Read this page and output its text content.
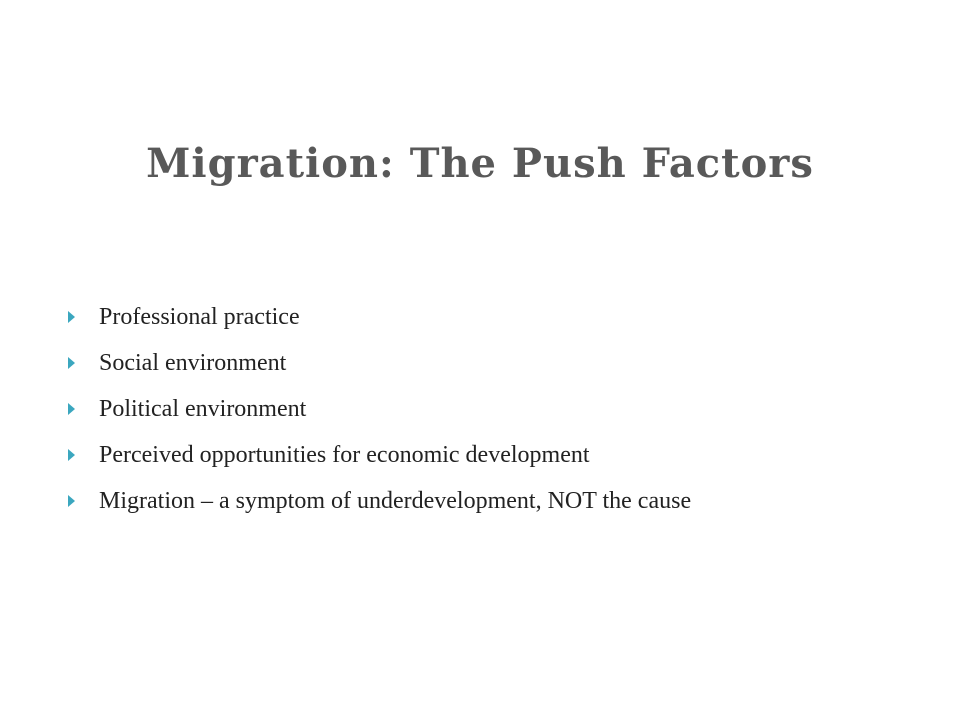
Migration: The Push Factors
Professional practice
Social environment
Political environment
Perceived opportunities for economic development
Migration – a symptom of underdevelopment, NOT the cause
